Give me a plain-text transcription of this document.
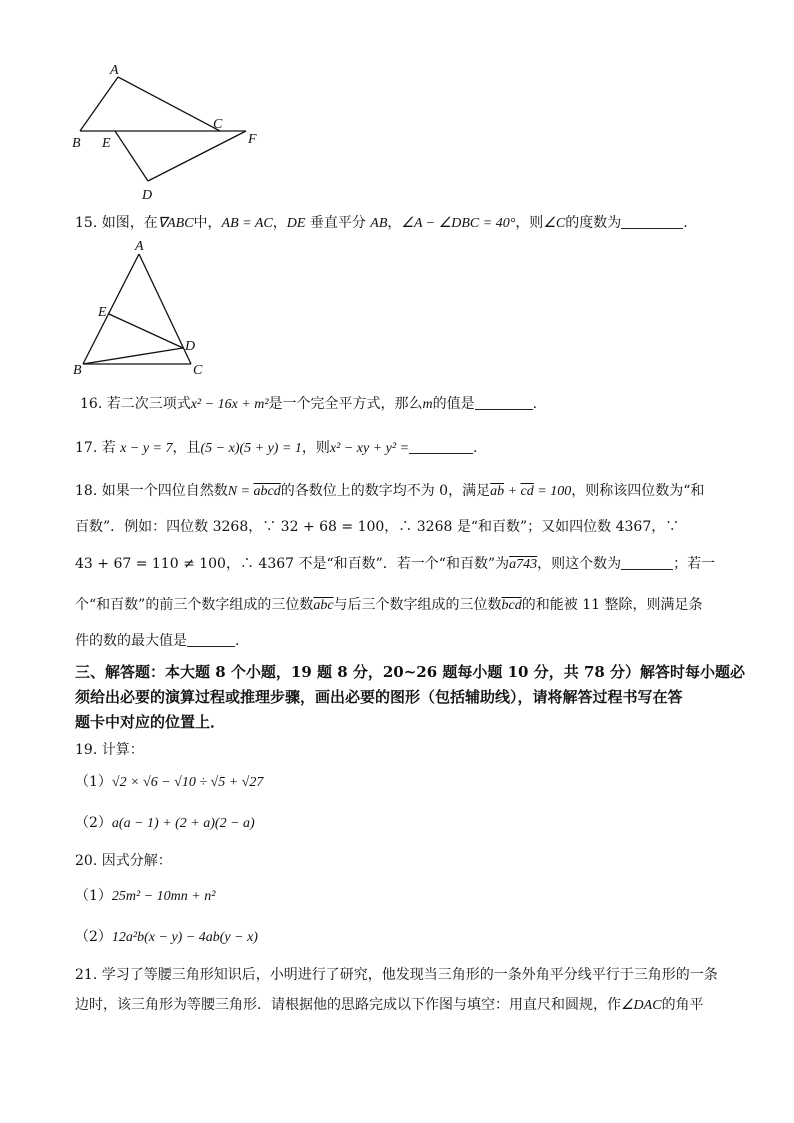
A
B
C
D
E	F
15. 如图，在∇ABC中，AB = AC，DE 垂直平分 AB，∠A − ∠DBC = 40°，则∠C的度数为	.
A
E
D
B	C
16. 若二次三项式x² − 16x + m²是一个完全平方式，那么m的值是	.
17. 若 x − y = 7，且(5 − x)(5 + y) = 1，则x² − xy + y² =	.
18. 如果一个四位自然数N = abcd的各数位上的数字均不为 0，满足$\overline{ab} + \overline{cd} = 100$，则称该四位数为“和
百数”．例如：四位数 3268，∵ 32 + 68 = 100，∴ 3268 是“和百数”；又如四位数 4367，∵
43 + 67 = 110 ≠ 100，∴ 4367 不是“和百数”．若一个“和百数”为a743，则这个数为	；若一
个“和百数”的前三个数字组成的三位数$\overline{abc}$与后三个数字组成的三位数$\overline{bcd}$的和能被 11 整除，则满足条
件的数的最大值是	.
三、解答题：本大题 8 个小题，19 题 8 分，20~26 题每小题 10 分，共 78 分）解答时每小题必
须给出必要的演算过程或推理步骤，画出必要的图形（包括辅助线），请将解答过程书写在答
题卡中对应的位置上．
19. 计算：
（1）√2 × √6 − √10 ÷ √5 + √27
（2）a(a − 1) + (2 + a)(2 − a)
20. 因式分解：
（1）25m² − 10mn + n²
（2）12a²b(x − y) − 4ab(y − x)
21. 学习了等腰三角形知识后，小明进行了研究，他发现当三角形的一条外角平分线平行于三角形的一条
边时，该三角形为等腰三角形．请根据他的思路完成以下作图与填空：用直尺和圆规，作∠DAC的角平
